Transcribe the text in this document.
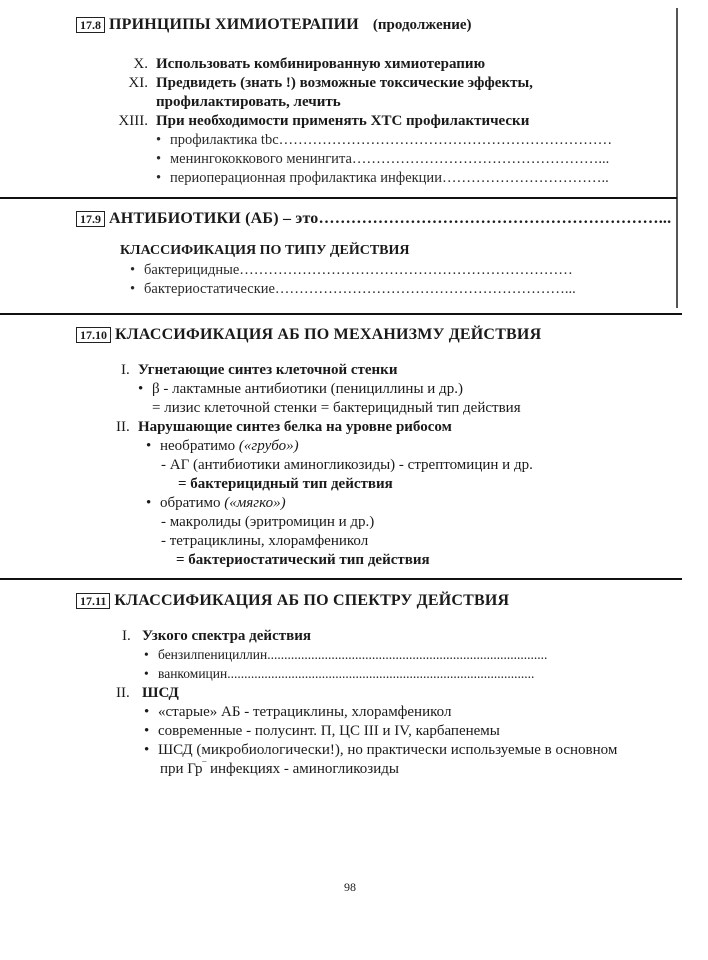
17.8 ПРИНЦИПЫ ХИМИОТЕРАПИИ (продолжение)
X. Использовать комбинированную химиотерапию
XI. Предвидеть (знать !) возможные токсические эффекты,
профилактировать, лечить
XIII. При необходимости применять ХТС профилактически
• профилактика tbc……………………………………………………………
• менингококкового менингита……………………………………………...
• периоперационная профилактика инфекции……………………………..
17.9 АНТИБИОТИКИ (АБ) – это………………………………………………………...
КЛАССИФИКАЦИЯ ПО ТИПУ ДЕЙСТВИЯ
• бактерицидные……………………………………………………………
• бактериостатические……………………………………………………...
17.10 КЛАССИФИКАЦИЯ АБ ПО МЕХАНИЗМУ ДЕЙСТВИЯ
I. Угнетающие синтез клеточной стенки
• β - лактамные антибиотики (пенициллины и др.)
= лизис клеточной стенки = бактерицидный тип действия
II. Нарушающие синтез белка на уровне рибосом
• необратимо («грубо»)
- АГ (антибиотики аминогликозиды) - стрептомицин и др.
= бактерицидный тип действия
• обратимо («мягко»)
- макролиды (эритромицин и др.)
- тетрациклины, хлорамфеникол
= бактериостатический тип действия
17.11 КЛАССИФИКАЦИЯ АБ ПО СПЕКТРУ ДЕЙСТВИЯ
I. Узкого спектра действия
• бензилпенициллин...................................................................................
• ванкомицин...........................................................................................
II. ШСД
• «старые» АБ - тетрациклины, хлорамфеникол
• современные - полусинт. П, ЦС III и IV, карбапенемы
• ШСД (микробиологически!), но практически используемые в основном
при Гр‾ инфекциях - аминогликозиды
98
